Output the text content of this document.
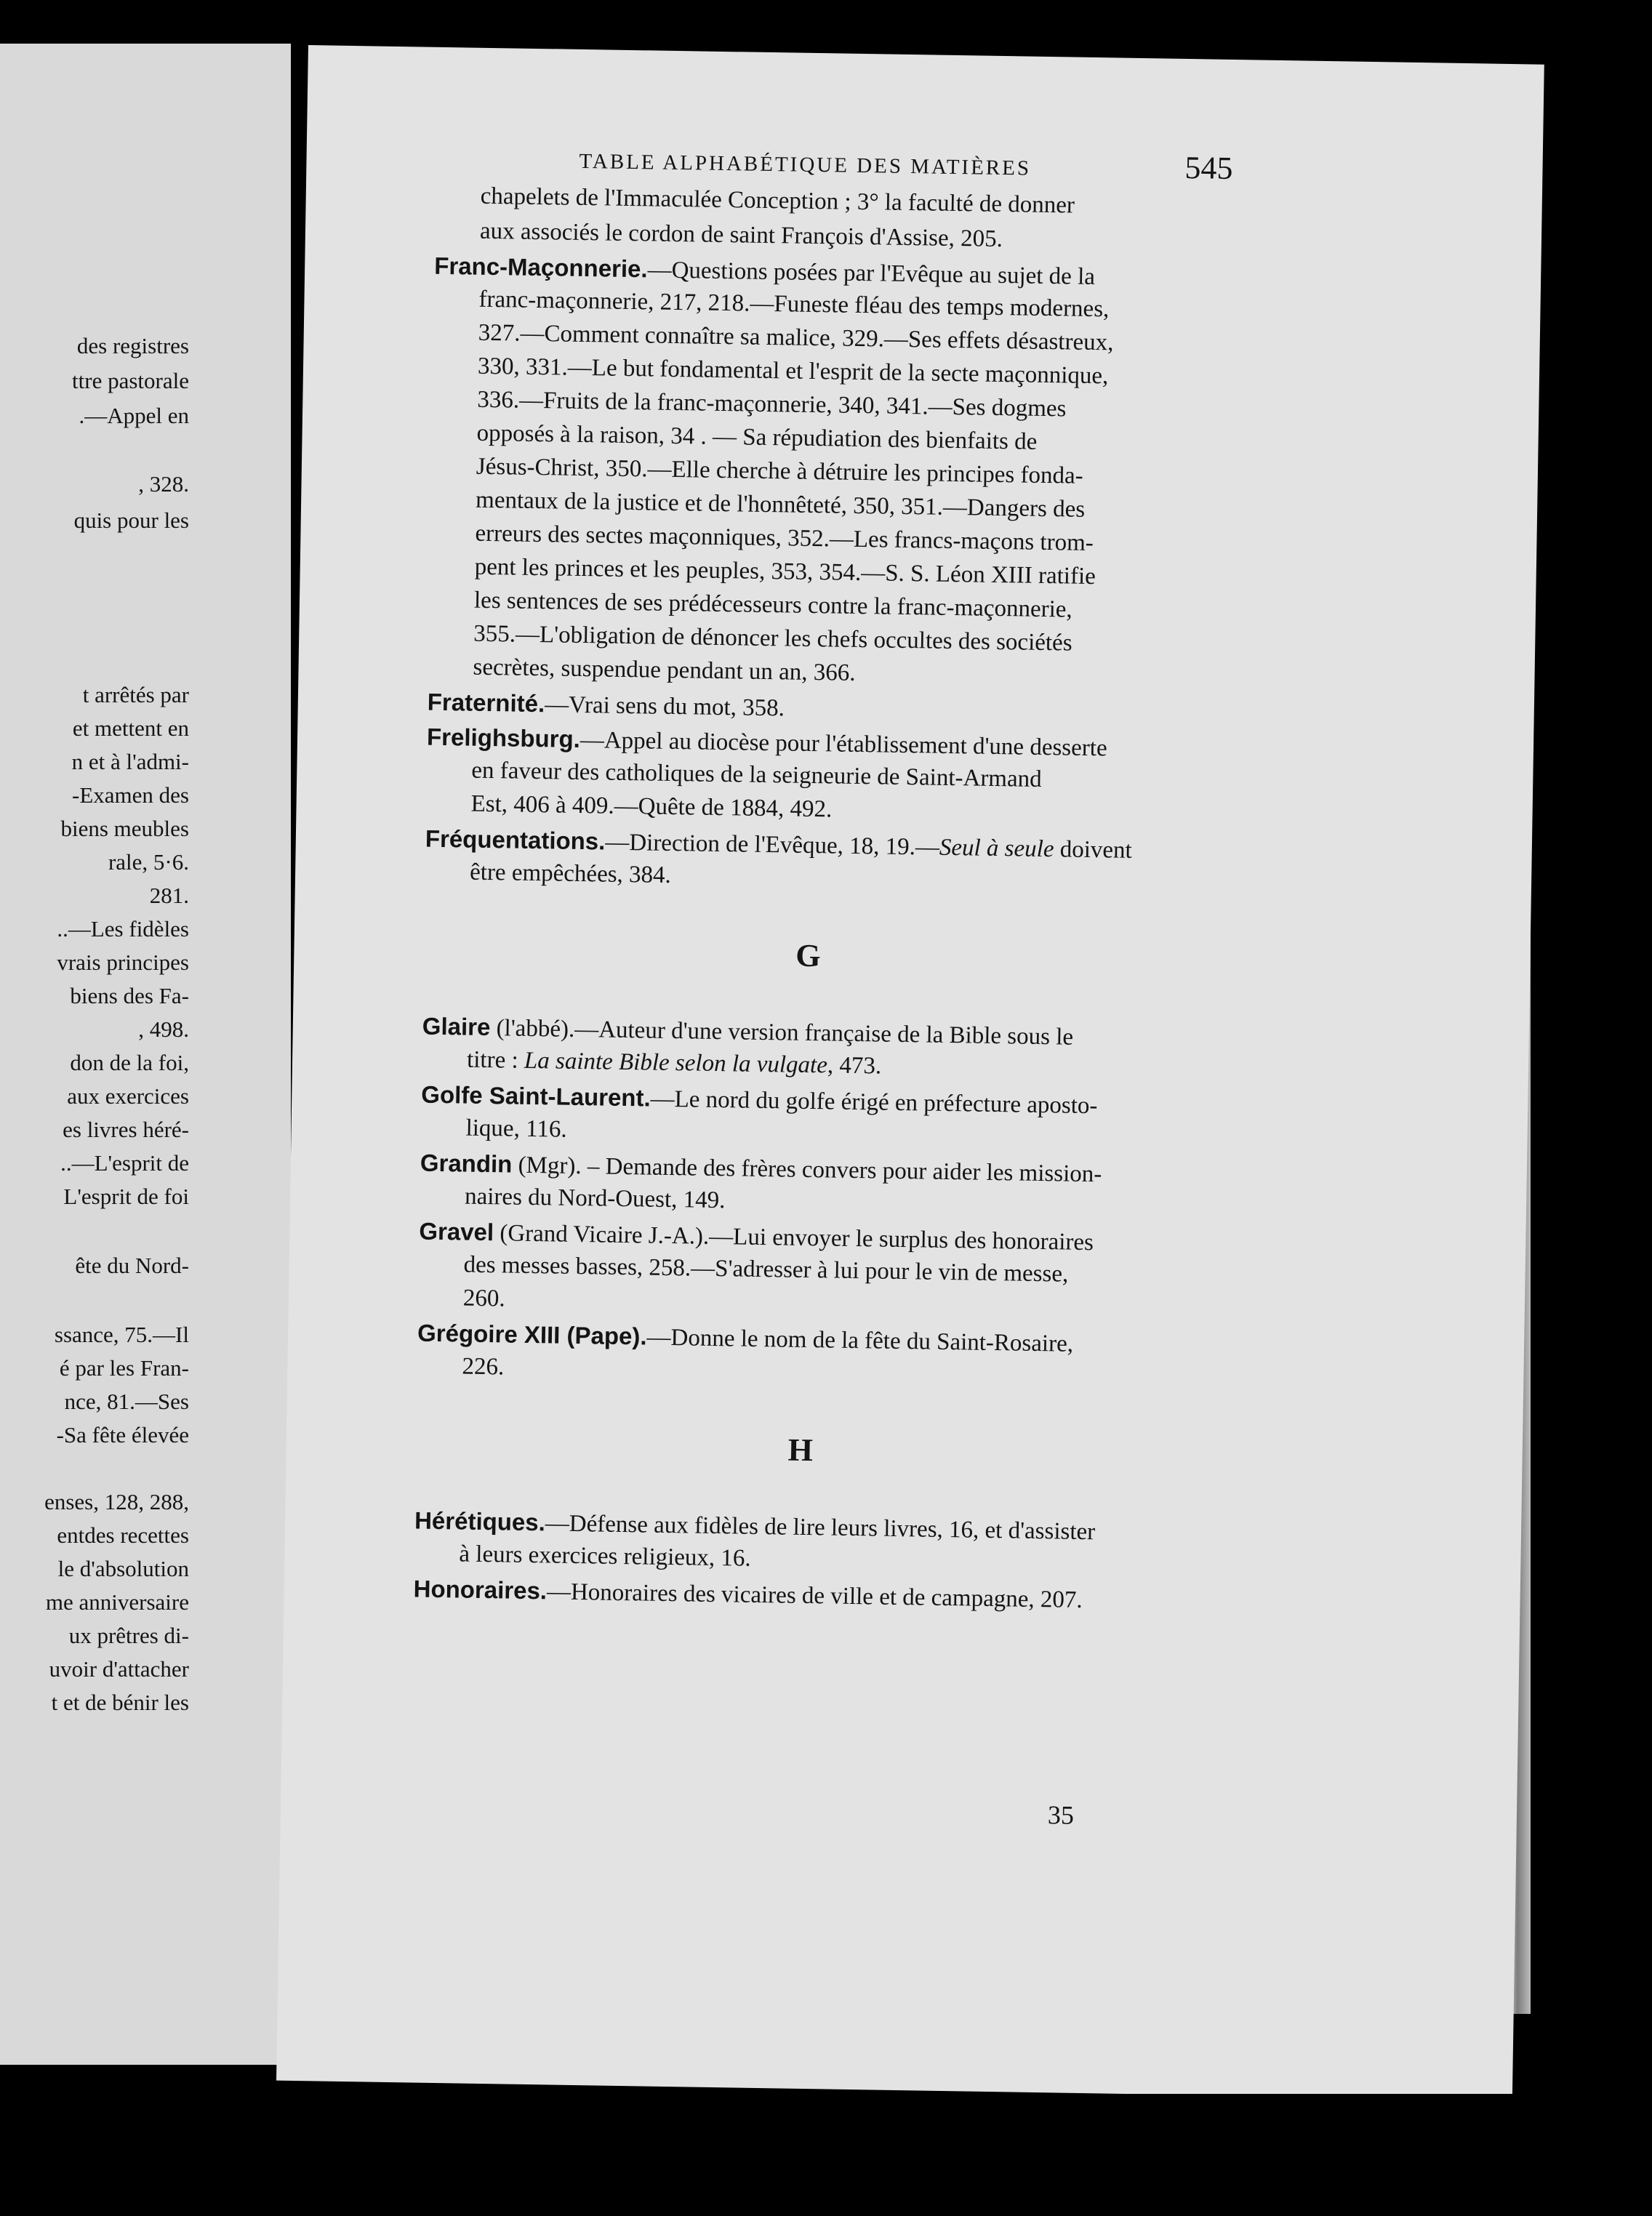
des registres
ttre pastorale
.—Appel en
, 328.
quis pour les
t arrêtés par
et mettent en
n et à l'admi-
-Examen des
biens meubles
rale, 5·6.
281.
..—Les fidèles
vrais principes
biens des Fa-
, 498.
don de la foi,
aux exercices
es livres héré-
..—L'esprit de
L'esprit de foi
ête du Nord-
ssance, 75.—Il
é par les Fran-
nce, 81.—Ses
-Sa fête élevée
enses, 128, 288,
entdes recettes
le d'absolution
me anniversaire
ux prêtres di-
uvoir d'attacher
t et de bénir les
TABLE ALPHABÉTIQUE DES MATIÈRES	545
chapelets de l'Immaculée Conception ; 3° la faculté de donner
aux associés le cordon de saint François d'Assise, 205.
Franc-Maçonnerie.—Questions posées par l'Evêque au sujet de la
franc-maçonnerie, 217, 218.—Funeste fléau des temps modernes,
327.—Comment connaître sa malice, 329.—Ses effets désastreux,
330, 331.—Le but fondamental et l'esprit de la secte maçonnique,
336.—Fruits de la franc-maçonnerie, 340, 341.—Ses dogmes
opposés à la raison, 34 . — Sa répudiation des bienfaits de
Jésus-Christ, 350.—Elle cherche à détruire les principes fonda-
mentaux de la justice et de l'honnêteté, 350, 351.—Dangers des
erreurs des sectes maçonniques, 352.—Les francs-maçons trom-
pent les princes et les peuples, 353, 354.—S. S. Léon XIII ratifie
les sentences de ses prédécesseurs contre la franc-maçonnerie,
355.—L'obligation de dénoncer les chefs occultes des sociétés
secrètes, suspendue pendant un an, 366.
Fraternité.—Vrai sens du mot, 358.
Frelighsburg.—Appel au diocèse pour l'établissement d'une desserte
en faveur des catholiques de la seigneurie de Saint-Armand
Est, 406 à 409.—Quête de 1884, 492.
Fréquentations.—Direction de l'Evêque, 18, 19.—Seul à seule doivent
être empêchées, 384.
G
Glaire (l'abbé).—Auteur d'une version française de la Bible sous le
titre : La sainte Bible selon la vulgate, 473.
Golfe Saint-Laurent.—Le nord du golfe érigé en préfecture aposto-
lique, 116.
Grandin (Mgr). – Demande des frères convers pour aider les mission-
naires du Nord-Ouest, 149.
Gravel (Grand Vicaire J.-A.).—Lui envoyer le surplus des honoraires
des messes basses, 258.—S'adresser à lui pour le vin de messe,
260.
Grégoire XIII (Pape).—Donne le nom de la fête du Saint-Rosaire,
226.
H
Hérétiques.—Défense aux fidèles de lire leurs livres, 16, et d'assister
à leurs exercices religieux, 16.
Honoraires.—Honoraires des vicaires de ville et de campagne, 207.
35
